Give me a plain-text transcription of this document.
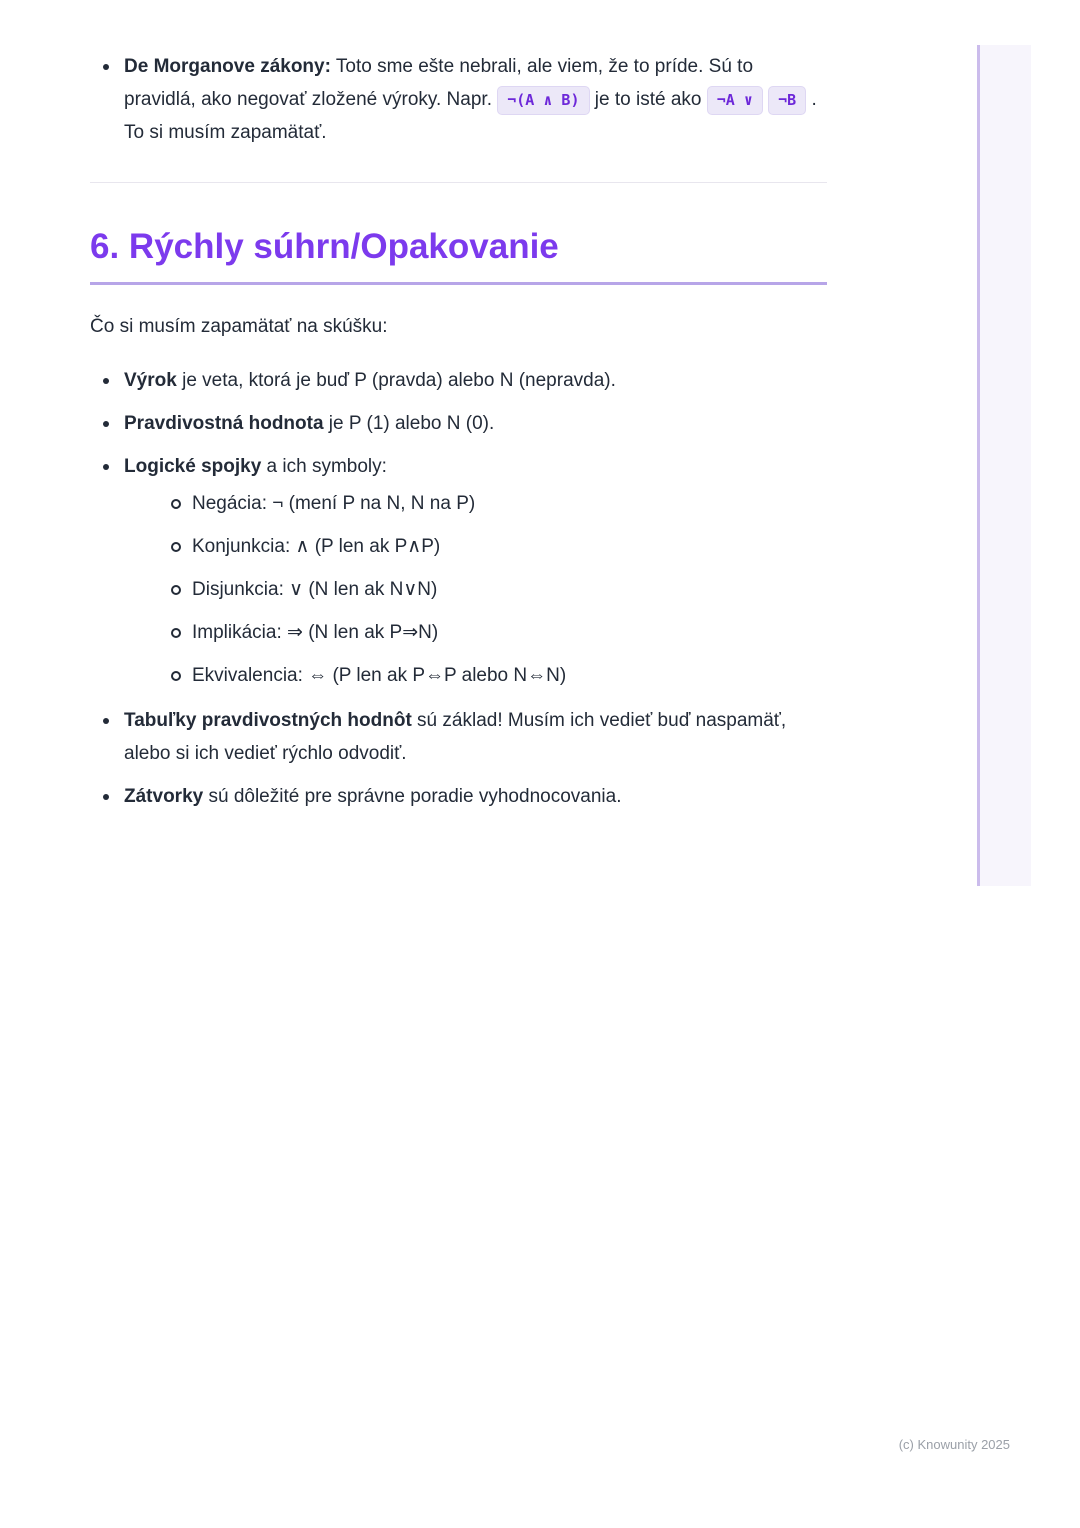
De Morganove zákony: Toto sme ešte nebrali, ale viem, že to príde. Sú to pravidlá, ako negovať zložené výroky. Napr. ¬(A ∧ B) je to isté ako ¬A ∨ ¬B . To si musím zapamätať.
6. Rýchly súhrn/Opakovanie

Čo si musím zapamätať na skúšku:

Výrok je veta, ktorá je buď P (pravda) alebo N (nepravda).
Pravdivostná hodnota je P (1) alebo N (0).
Logické spojky a ich symboly:
Negácia: ¬ (mení P na N, N na P)
Konjunkcia: ∧ (P len ak P∧P)
Disjunkcia: ∨ (N len ak N∨N)
Implikácia: ⇒ (N len ak P⇒N)
Ekvivalencia: ⇔ (P len ak P⇔P alebo N⇔N)
Tabuľky pravdivostných hodnôt sú základ! Musím ich vedieť buď naspamäť, alebo si ich vedieť rýchlo odvodiť.
Zátvorky sú dôležité pre správne poradie vyhodnocovania.
(c) Knowunity 2025
